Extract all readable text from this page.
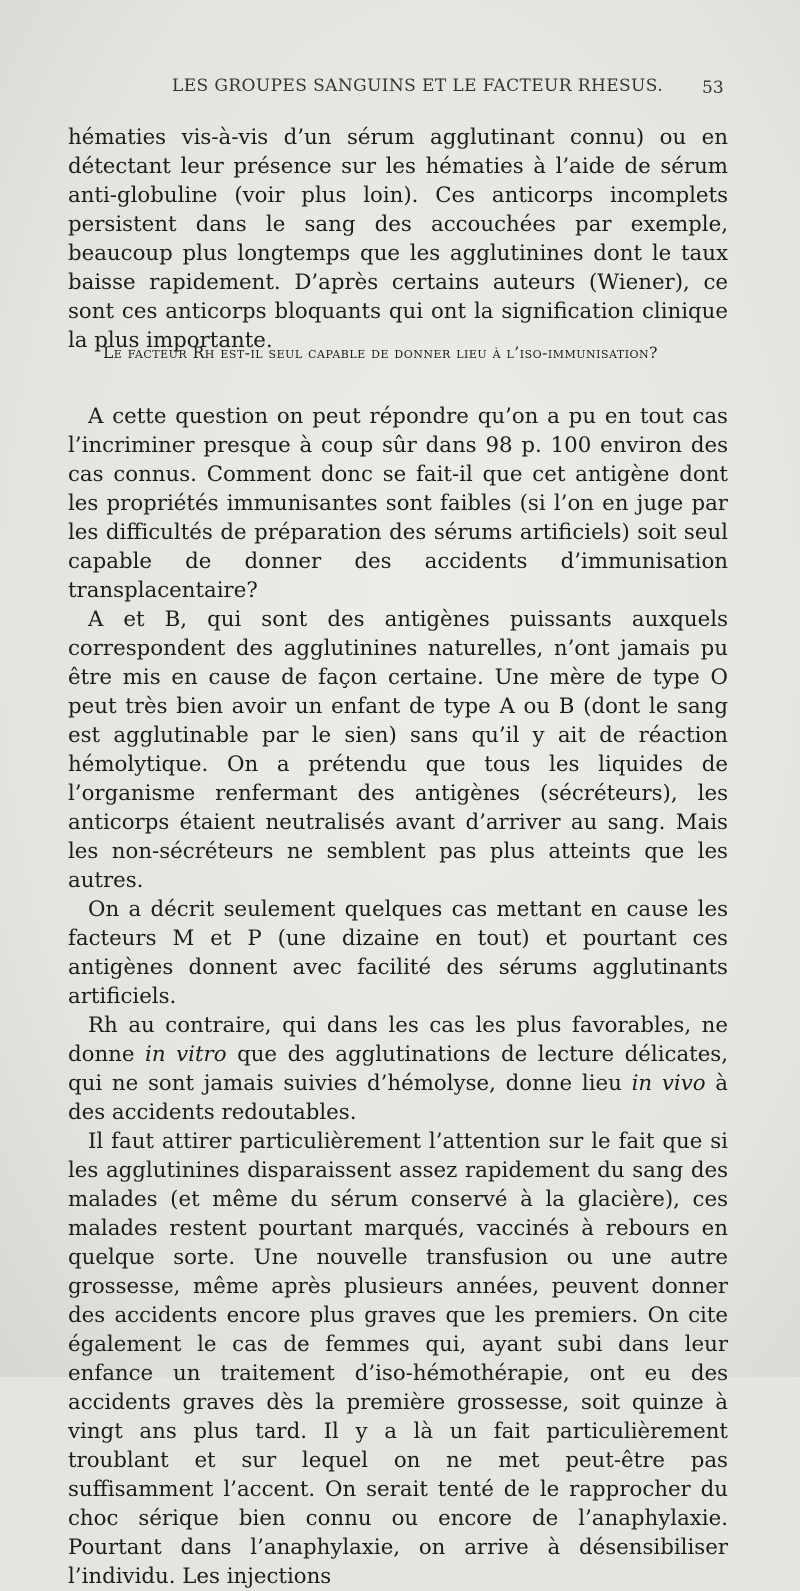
LES GROUPES SANGUINS ET LE FACTEUR RHESUS. 53

hématies vis-à-vis d’un sérum agglutinant connu) ou en détectant leur présence sur les hématies à l’aide de sérum anti-globuline (voir plus loin). Ces anticorps incomplets persistent dans le sang des accouchées par exemple, beaucoup plus longtemps que les agglutinines dont le taux baisse rapidement. D’après certains auteurs (Wiener), ce sont ces anticorps bloquants qui ont la signification clinique la plus importante.

Le facteur Rh est-il seul capable de donner lieu à l’iso-immunisation?

A cette question on peut répondre qu’on a pu en tout cas l’incriminer presque à coup sûr dans 98 p. 100 environ des cas connus. Comment donc se fait-il que cet antigène dont les propriétés immunisantes sont faibles (si l’on en juge par les difficultés de préparation des sérums artificiels) soit seul capable de donner des accidents d’immunisation transplacentaire?

A et B, qui sont des antigènes puissants auxquels correspondent des agglutinines naturelles, n’ont jamais pu être mis en cause de façon certaine. Une mère de type O peut très bien avoir un enfant de type A ou B (dont le sang est agglutinable par le sien) sans qu’il y ait de réaction hémolytique. On a prétendu que tous les liquides de l’organisme renfermant des antigènes (sécréteurs), les anticorps étaient neutralisés avant d’arriver au sang. Mais les non-sécréteurs ne semblent pas plus atteints que les autres.

On a décrit seulement quelques cas mettant en cause les facteurs M et P (une dizaine en tout) et pourtant ces antigènes donnent avec facilité des sérums agglutinants artificiels.

Rh au contraire, qui dans les cas les plus favorables, ne donne in vitro que des agglutinations de lecture délicates, qui ne sont jamais suivies d’hémolyse, donne lieu in vivo à des accidents redoutables.

Il faut attirer particulièrement l’attention sur le fait que si les agglutinines disparaissent assez rapidement du sang des malades (et même du sérum conservé à la glacière), ces malades restent pourtant marqués, vaccinés à rebours en quelque sorte. Une nouvelle transfusion ou une autre grossesse, même après plusieurs années, peuvent donner des accidents encore plus graves que les premiers. On cite également le cas de femmes qui, ayant subi dans leur enfance un traitement d’iso-hémothérapie, ont eu des accidents graves dès la première grossesse, soit quinze à vingt ans plus tard. Il y a là un fait particulièrement troublant et sur lequel on ne met peut-être pas suffisamment l’accent. On serait tenté de le rapprocher du choc sérique bien connu ou encore de l’anaphylaxie. Pourtant dans l’anaphylaxie, on arrive à désensibiliser l’individu. Les injections
